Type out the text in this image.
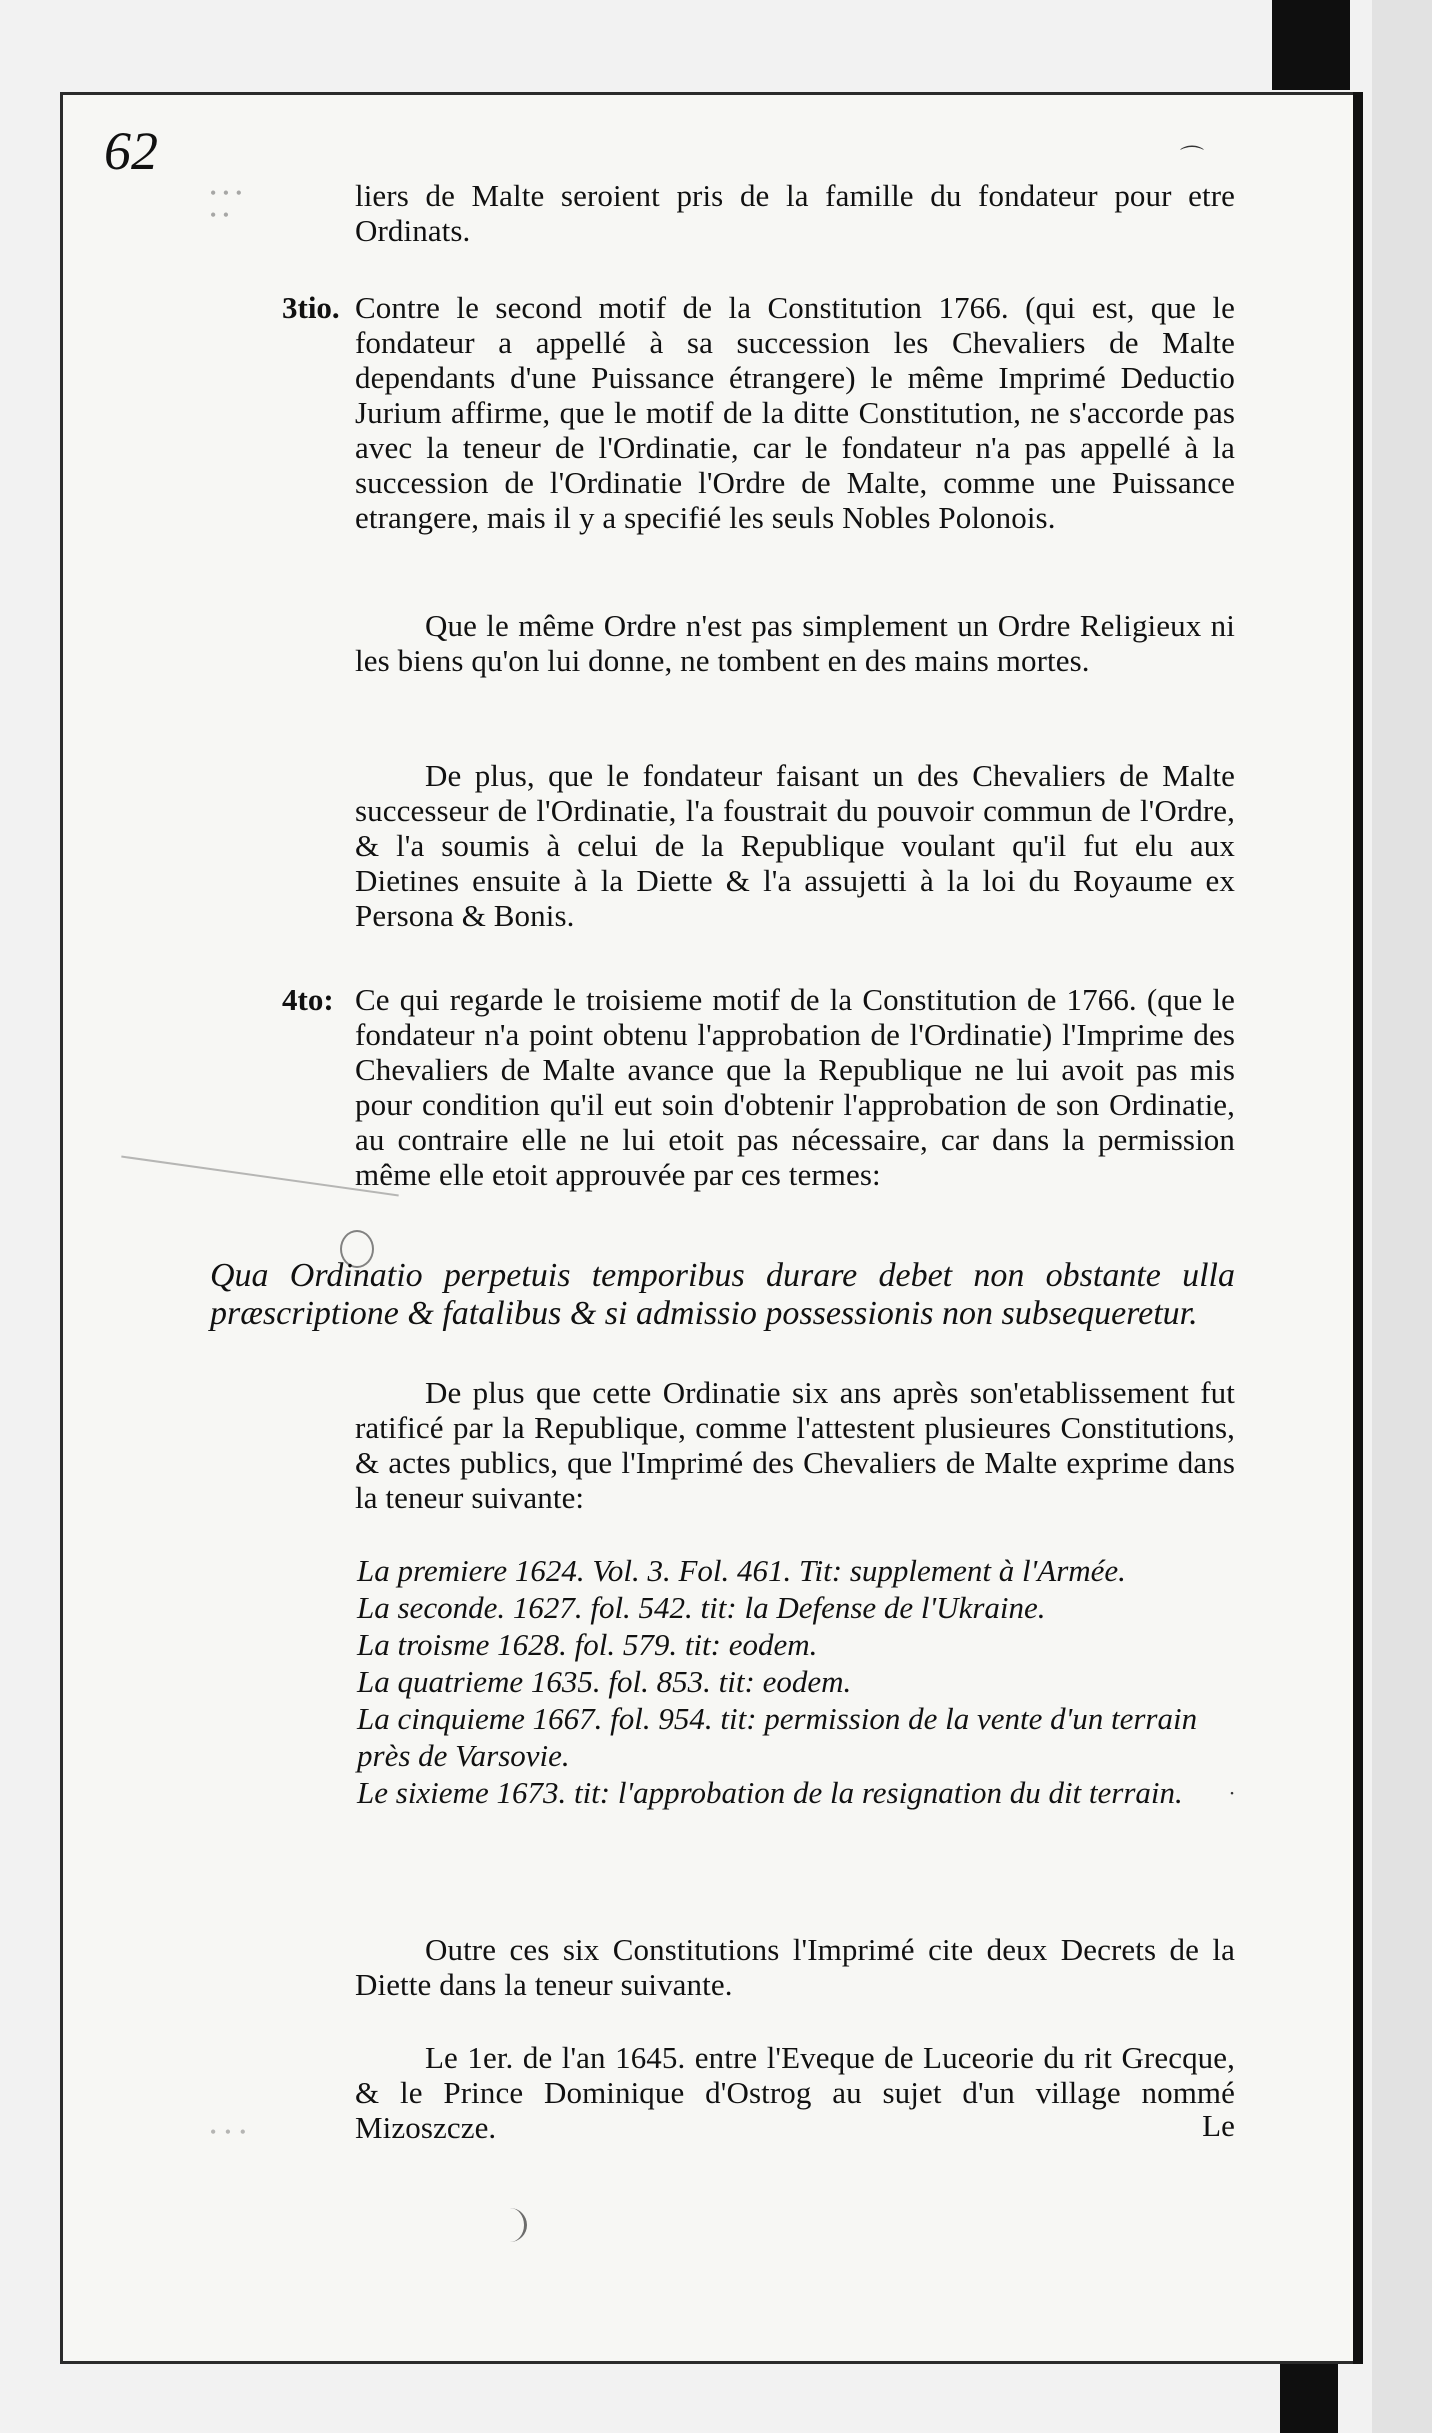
62
• • •
• •
• • •
liers de Malte seroient pris de la famille du fondateur pour etre Ordinats.
3tio. Contre le second motif de la Constitution 1766. (qui est, que le fondateur a appellé à sa succession les Chevaliers de Malte dependants d'une Puissance étrangere) le même Imprimé Deductio Jurium affirme, que le motif de la ditte Constitution, ne s'accorde pas avec la teneur de l'Ordinatie, car le fondateur n'a pas appellé à la succession de l'Ordinatie l'Ordre de Malte, comme une Puissance etrangere, mais il y a specifié les seuls Nobles Polonois.
Que le même Ordre n'est pas simplement un Ordre Religieux ni les biens qu'on lui donne, ne tombent en des mains mortes.
De plus, que le fondateur faisant un des Chevaliers de Malte successeur de l'Ordinatie, l'a foustrait du pouvoir commun de l'Ordre, & l'a soumis à celui de la Republique voulant qu'il fut elu aux Dietines ensuite à la Diette & l'a assujetti à la loi du Royaume ex Persona & Bonis.
4to: Ce qui regarde le troisieme motif de la Constitution de 1766. (que le fondateur n'a point obtenu l'approbation de l'Ordinatie) l'Imprime des Chevaliers de Malte avance que la Republique ne lui avoit pas mis pour condition qu'il eut soin d'obtenir l'approbation de son Ordinatie, au contraire elle ne lui etoit pas nécessaire, car dans la permission même elle etoit approuvée par ces termes:
Qua Ordinatio perpetuis temporibus durare debet non obstante ulla præscriptione & fatalibus & si admissio possessionis non subsequeretur.
De plus que cette Ordinatie six ans après son'etablissement fut ratificé par la Republique, comme l'attestent plusieures Constitutions, & actes publics, que l'Imprimé des Chevaliers de Malte exprime dans la teneur suivante:

La premiere 1624. Vol. 3. Fol. 461. Tit: supplement à l'Armée.

La seconde. 1627. fol. 542. tit: la Defense de l'Ukraine.

La troisme 1628. fol. 579. tit: eodem.

La quatrieme 1635. fol. 853. tit: eodem.

La cinquieme 1667. fol. 954. tit: permission de la vente d'un terrain près de Varsovie.

Le sixieme 1673. tit: l'approbation de la resignation du dit terrain.

Outre ces six Constitutions l'Imprimé cite deux Decrets de la Diette dans la teneur suivante.
Le 1er. de l'an 1645. entre l'Eveque de Luceorie du rit Grecque, & le Prince Dominique d'Ostrog au sujet d'un village nommé Mizoszcze.	Le
⌒
˙
